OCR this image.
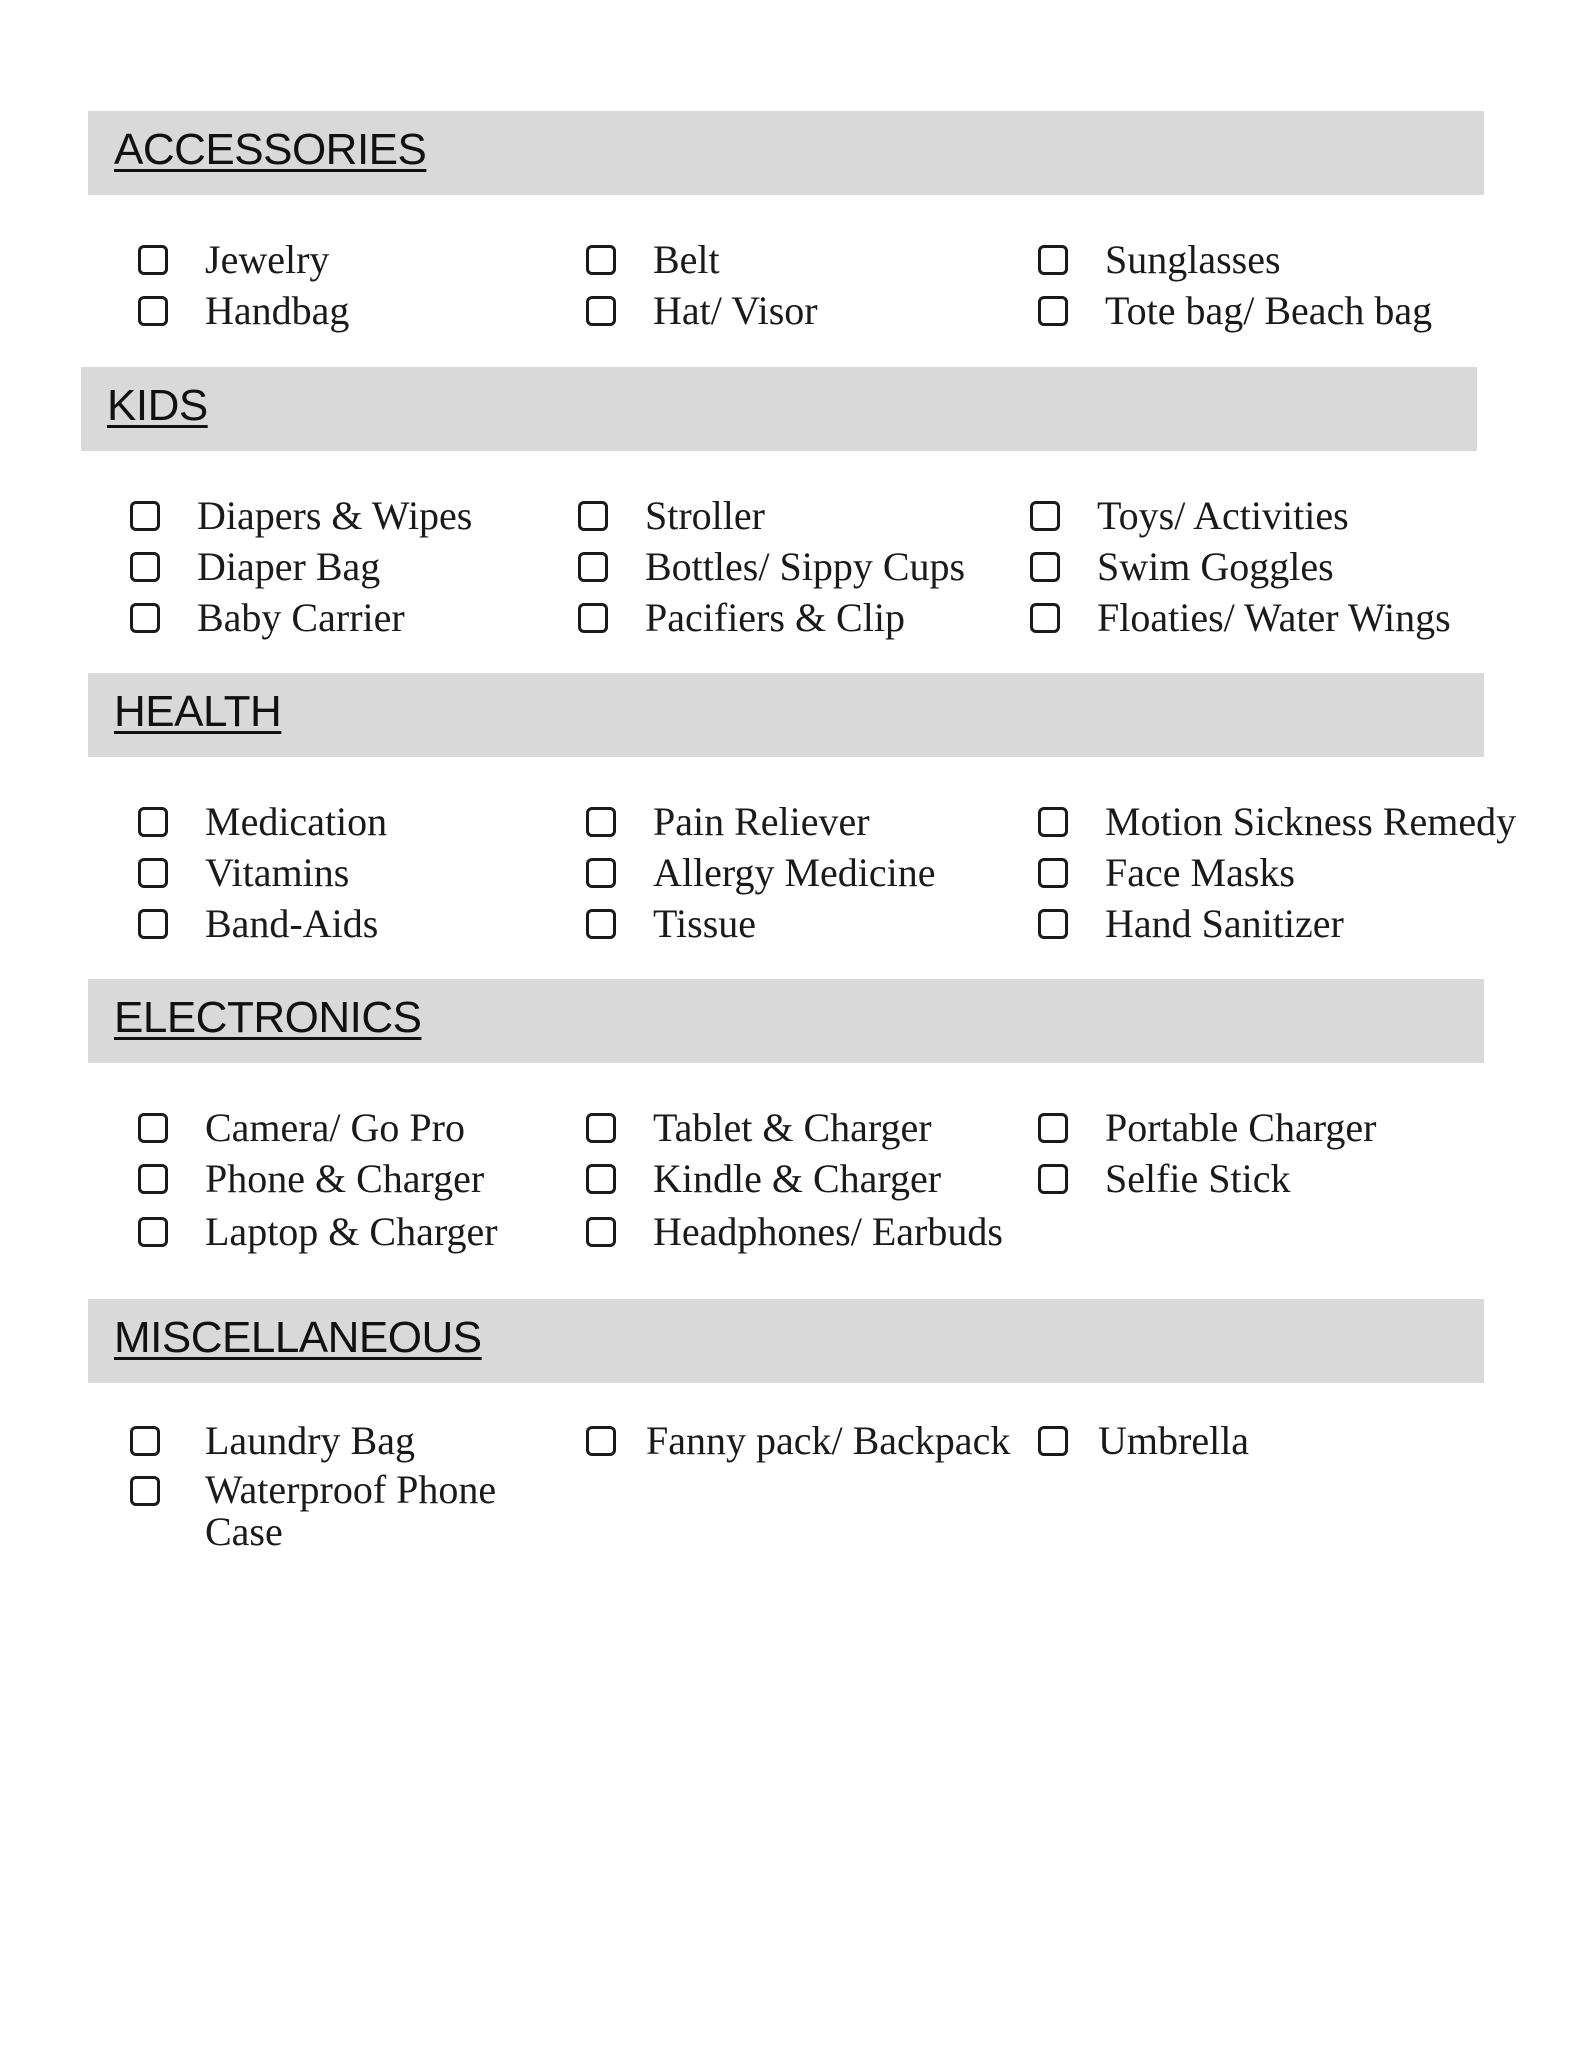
ACCESSORIES
Jewelry
Handbag
Belt
Hat/ Visor
Sunglasses
Tote bag/ Beach bag
KIDS
Diapers & Wipes
Diaper Bag
Baby Carrier
Stroller
Bottles/ Sippy Cups
Pacifiers & Clip
Toys/ Activities
Swim Goggles
Floaties/ Water Wings
HEALTH
Medication
Vitamins
Band-Aids
Pain Reliever
Allergy Medicine
Tissue
Motion Sickness Remedy
Face Masks
Hand Sanitizer
ELECTRONICS
Camera/ Go Pro
Phone & Charger
Laptop & Charger
Tablet & Charger
Kindle & Charger
Headphones/ Earbuds
Portable Charger
Selfie Stick
MISCELLANEOUS
Laundry Bag
Waterproof Phone Case
Fanny pack/ Backpack Umbrella
